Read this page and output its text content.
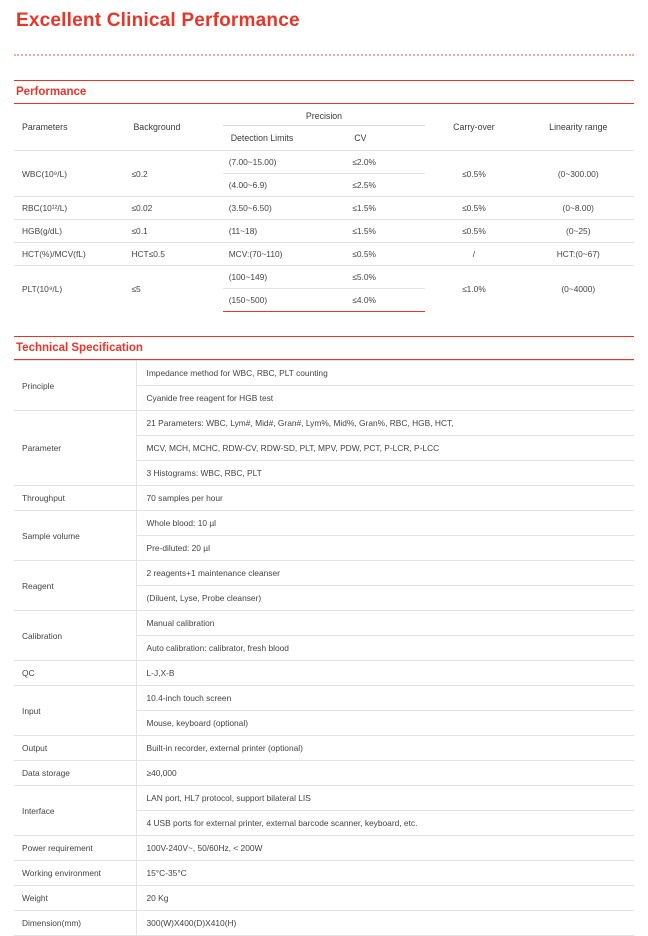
Excellent Clinical Performance
Performance
Parameters	Background	Precision		Carry-over	Linearity range
		Detection Limits	CV		
WBC(10⁹/L)	≤0.2	(7.00~15.00)	≤2.0%	≤0.5%	(0~300.00)
		(4.00~6.9)	≤2.5%		
RBC(10¹²/L)	≤0.02	(3.50~6.50)	≤1.5%	≤0.5%	(0~8.00)
HGB(g/dL)	≤0.1	(11~18)	≤1.5%	≤0.5%	(0~25)
HCT(%)/MCV(fL)	HCT≤0.5	MCV:(70~110)	≤0.5%	/	HCT:(0~67)
PLT(10⁹/L)	≤5	(100~149)	≤5.0%	≤1.0%	(0~4000)
		(150~500)	≤4.0%		
Technical Specification
Principle	Impedance method for WBC, RBC, PLT counting
	Cyanide free reagent for HGB test
Parameter	21 Parameters: WBC, Lym#, Mid#, Gran#, Lym%, Mid%, Gran%, RBC, HGB, HCT,
	MCV, MCH, MCHC, RDW-CV, RDW-SD, PLT, MPV, PDW, PCT, P-LCR, P-LCC
	3 Histograms: WBC, RBC, PLT
Throughput	70 samples per hour
Sample volume	Whole blood: 10 µl
	Pre-diluted: 20 µl
Reagent	2 reagents+1 maintenance cleanser
	(Diluent, Lyse, Probe cleanser)
Calibration	Manual calibration
	Auto calibration: calibrator, fresh blood
QC	L-J,X-B
Input	10.4-inch touch screen
	Mouse, keyboard (optional)
Output	Built-in recorder, external printer (optional)
Data storage	≥40,000
Interface	LAN port, HL7 protocol, support bilateral LIS
	4 USB ports for external printer, external barcode scanner, keyboard, etc.
Power requirement	100V-240V~, 50/60Hz, < 200W
Working environment	15°C-35°C
Weight	20 Kg
Dimension(mm)	300(W)X400(D)X410(H)
